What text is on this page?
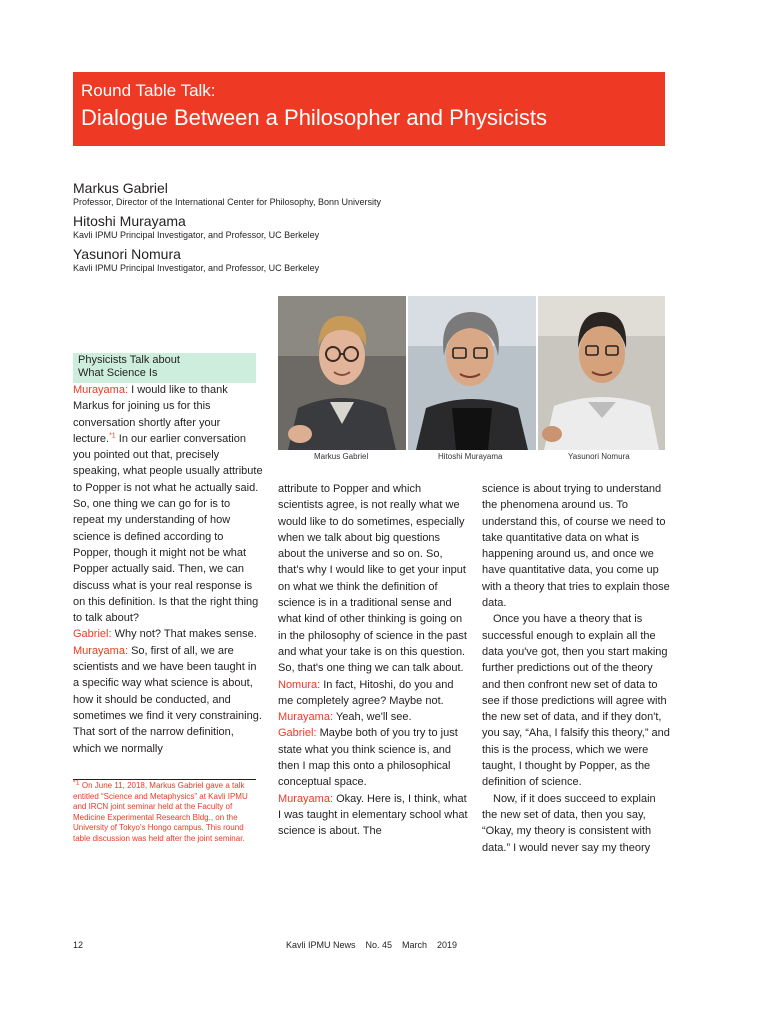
Round Table Talk:
Dialogue Between a Philosopher and Physicists
Markus Gabriel
Professor, Director of the International Center for Philosophy, Bonn University
Hitoshi Murayama
Kavli IPMU Principal Investigator, and Professor, UC Berkeley
Yasunori Nomura
Kavli IPMU Principal Investigator, and Professor, UC Berkeley
Markus Gabriel	Hitoshi Murayama	Yasunori Nomura
Physicists Talk about
What Science Is

Murayama: I would like to thank Markus for joining us for this conversation shortly after your lecture.$^{*1}$ In our earlier conversation you pointed out that, precisely speaking, what people usually attribute to Popper is not what he actually said. So, one thing we can go for is to repeat my understanding of how science is defined according to Popper, though it might not be what Popper actually said. Then, we can discuss what is your real response is on this definition. Is that the right thing to talk about?

Gabriel: Why not? That makes sense.

Murayama: So, first of all, we are scientists and we have been taught in a specific way what science is about, how it should be conducted, and sometimes we find it very constraining. That sort of the narrow definition, which we normally

*1 On June 11, 2018, Markus Gabriel gave a talk entitled “Science and Metaphysics” at Kavli IPMU and IRCN joint seminar held at the Faculty of Medicine Experimental Research Bldg., on the University of Tokyo's Hongo campus. This round table discussion was held after the joint seminar.

attribute to Popper and which scientists agree, is not really what we would like to do sometimes, especially when we talk about big questions about the universe and so on. So, that's why I would like to get your input on what we think the definition of science is in a traditional sense and what kind of other thinking is going on in the philosophy of science in the past and what your take is on this question. So, that's one thing we can talk about.

Nomura: In fact, Hitoshi, do you and me completely agree? Maybe not.

Murayama: Yeah, we'll see.

Gabriel: Maybe both of you try to just state what you think science is, and then I map this onto a philosophical conceptual space.

Murayama: Okay. Here is, I think, what I was taught in elementary school what science is about. The

science is about trying to understand the phenomena around us. To understand this, of course we need to take quantitative data on what is happening around us, and once we have quantitative data, you come up with a theory that tries to explain those data.

Once you have a theory that is successful enough to explain all the data you've got, then you start making further predictions out of the theory and then confront new set of data to see if those predictions will agree with the new set of data, and if they don't, you say, “Aha, I falsify this theory,” and this is the process, which we were taught, I thought by Popper, as the definition of science.

Now, if it does succeed to explain the new set of data, then you say, “Okay, my theory is consistent with data.” I would never say my theory

12	Kavli IPMU News    No. 45    March    2019
